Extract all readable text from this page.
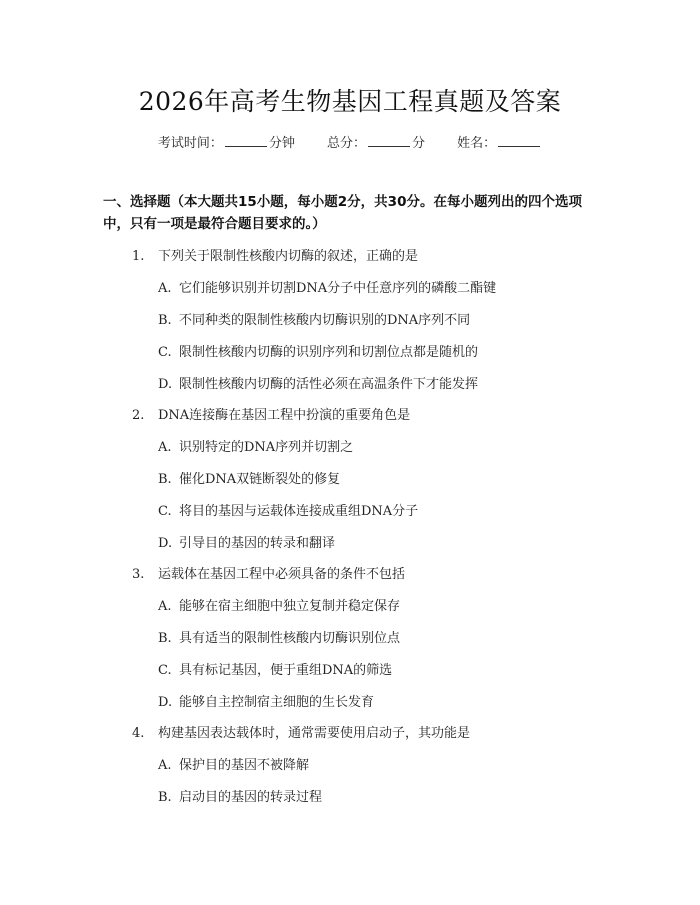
2026年高考生物基因工程真题及答案
考试时间：	分钟 总分：	分 姓名：
一、选择题（本大题共15小题，每小题2分，共30分。在每小题列出的四个选项中，只有一项是最符合题目要求的。）
1. 下列关于限制性核酸内切酶的叙述，正确的是
A. 它们能够识别并切割DNA分子中任意序列的磷酸二酯键
B. 不同种类的限制性核酸内切酶识别的DNA序列不同
C. 限制性核酸内切酶的识别序列和切割位点都是随机的
D. 限制性核酸内切酶的活性必须在高温条件下才能发挥
2. DNA连接酶在基因工程中扮演的重要角色是
A. 识别特定的DNA序列并切割之
B. 催化DNA双链断裂处的修复
C. 将目的基因与运载体连接成重组DNA分子
D. 引导目的基因的转录和翻译
3. 运载体在基因工程中必须具备的条件不包括
A. 能够在宿主细胞中独立复制并稳定保存
B. 具有适当的限制性核酸内切酶识别位点
C. 具有标记基因，便于重组DNA的筛选
D. 能够自主控制宿主细胞的生长发育
4. 构建基因表达载体时，通常需要使用启动子，其功能是
A. 保护目的基因不被降解
B. 启动目的基因的转录过程
